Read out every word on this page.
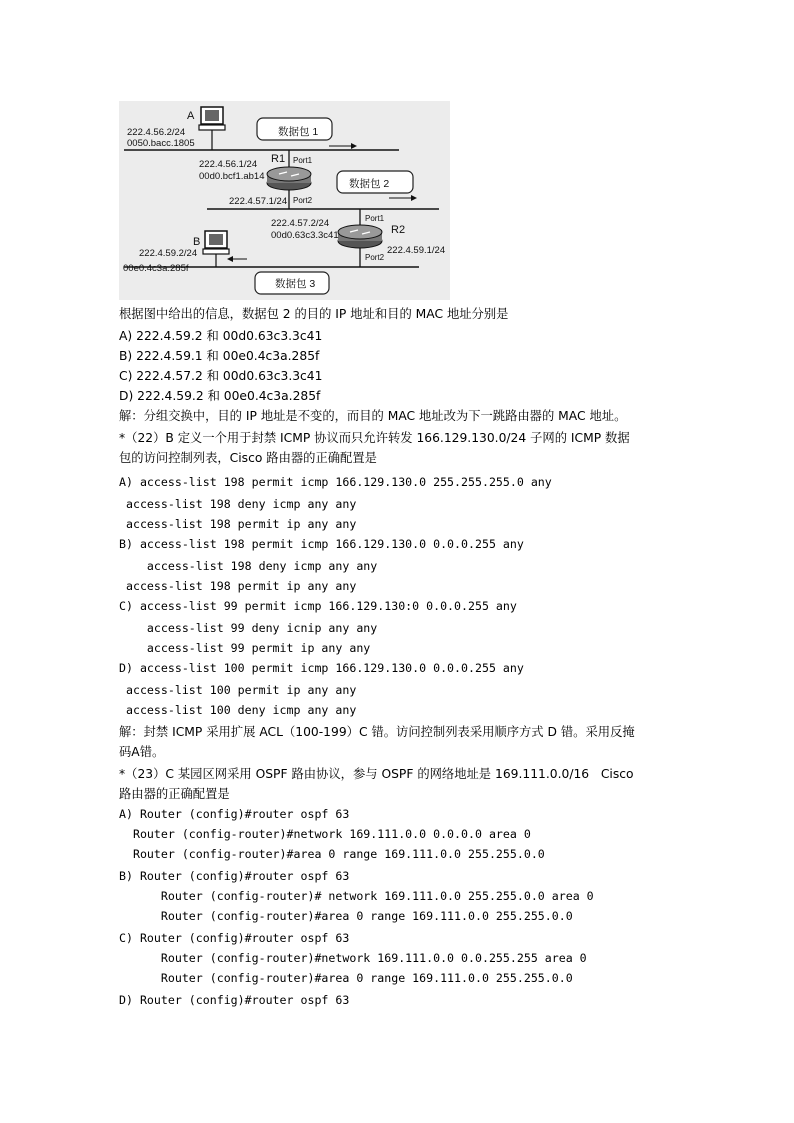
A
222.4.56.2/24
0050.bacc.1805
数据包 1
数据包 2
数据包 3
222.4.56.1/24
00d0.bcf1.ab14
R1 Port1
Port2
222.4.57.1/24
Port1
222.4.57.2/24
00d0.63c3.3c41	R2
222.4.59.1/24
Port2
B
222.4.59.2/24
00e0.4c3a.285f
根据图中给出的信息，数据包 2 的目的 IP 地址和目的 MAC 地址分别是
A) 222.4.59.2 和 00d0.63c3.3c41
B) 222.4.59.1 和 00e0.4c3a.285f
C) 222.4.57.2 和 00d0.63c3.3c41
D) 222.4.59.2 和 00e0.4c3a.285f
解：分组交换中，目的 IP 地址是不变的，而目的 MAC 地址改为下一跳路由器的 MAC 地址。
*（22）B 定义一个用于封禁 ICMP 协议而只允许转发 166.129.130.0/24 子网的 ICMP 数据
包的访问控制列表，Cisco 路由器的正确配置是
A) access-list 198 permit icmp 166.129.130.0 255.255.255.0 any
access-list 198 deny icmp any any
access-list 198 permit ip any any
B) access-list 198 permit icmp 166.129.130.0 0.0.0.255 any
access-list 198 deny icmp any any
access-list 198 permit ip any any
C) access-list 99 permit icmp 166.129.130:0 0.0.0.255 any
access-list 99 deny icnip any any
access-list 99 permit ip any any
D) access-list 100 permit icmp 166.129.130.0 0.0.0.255 any
access-list 100 permit ip any any
access-list 100 deny icmp any any
解：封禁 ICMP 采用扩展 ACL（100-199）C 错。访问控制列表采用顺序方式 D 错。采用反掩
码A错。
*（23）C 某园区网采用 OSPF 路由协议，参与 OSPF 的网络地址是 169.111.0.0/16   Cisco
路由器的正确配置是
A) Router (config)#router ospf 63
Router (config-router)#network 169.111.0.0 0.0.0.0 area 0
Router (config-router)#area 0 range 169.111.0.0 255.255.0.0
B) Router (config)#router ospf 63
Router (config-router)# network 169.111.0.0 255.255.0.0 area 0
Router (config-router)#area 0 range 169.111.0.0 255.255.0.0
C) Router (config)#router ospf 63
Router (config-router)#network 169.111.0.0 0.0.255.255 area 0
Router (config-router)#area 0 range 169.111.0.0 255.255.0.0
D) Router (config)#router ospf 63
